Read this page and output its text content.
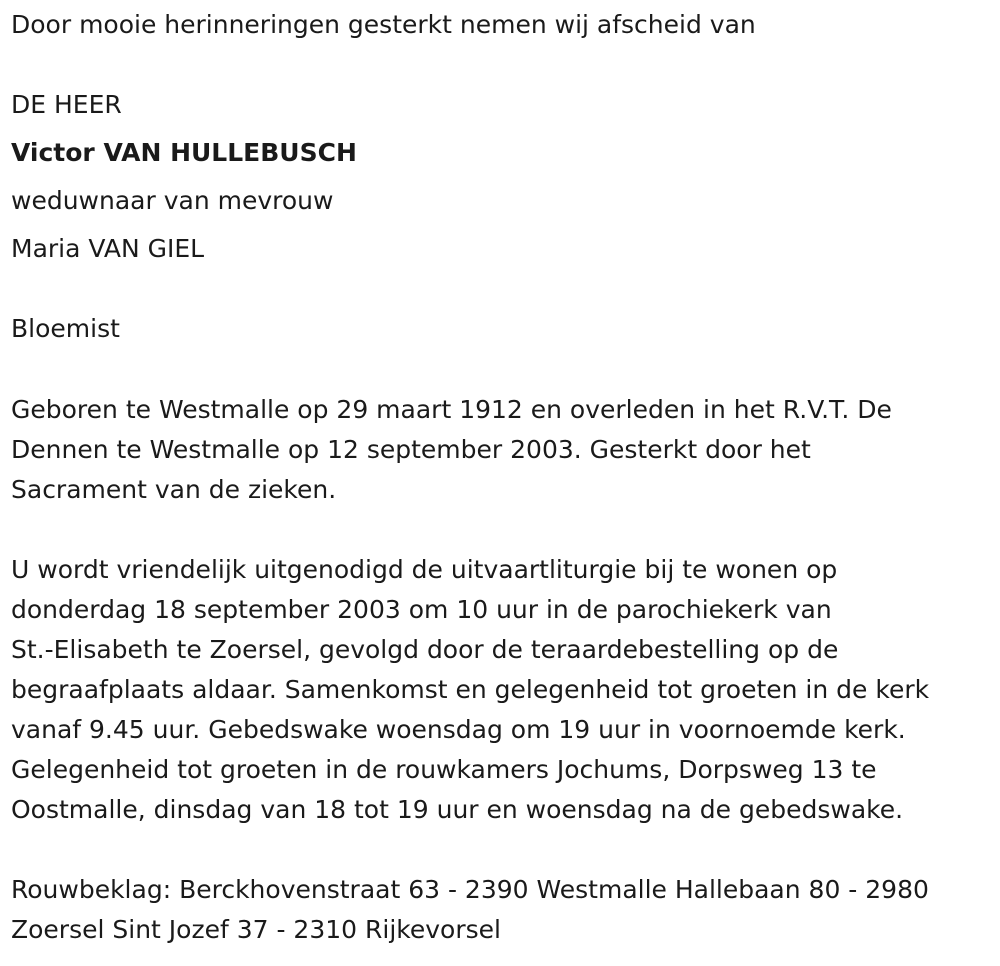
Door mooie herinneringen gesterkt nemen wij afscheid van
DE HEER
Victor VAN HULLEBUSCH
weduwnaar van mevrouw
Maria VAN GIEL
Bloemist
Geboren te Westmalle op 29 maart 1912 en overleden in het R.V.T. De
Dennen te Westmalle op 12 september 2003. Gesterkt door het
Sacrament van de zieken.
U wordt vriendelijk uitgenodigd de uitvaartliturgie bij te wonen op
donderdag 18 september 2003 om 10 uur in de parochiekerk van
St.-Elisabeth te Zoersel, gevolgd door de teraardebestelling op de
begraafplaats aldaar. Samenkomst en gelegenheid tot groeten in de kerk
vanaf 9.45 uur. Gebedswake woensdag om 19 uur in voornoemde kerk.
Gelegenheid tot groeten in de rouwkamers Jochums, Dorpsweg 13 te
Oostmalle, dinsdag van 18 tot 19 uur en woensdag na de gebedswake.
Rouwbeklag: Berckhovenstraat 63 - 2390 Westmalle Hallebaan 80 - 2980
Zoersel Sint Jozef 37 - 2310 Rijkevorsel
